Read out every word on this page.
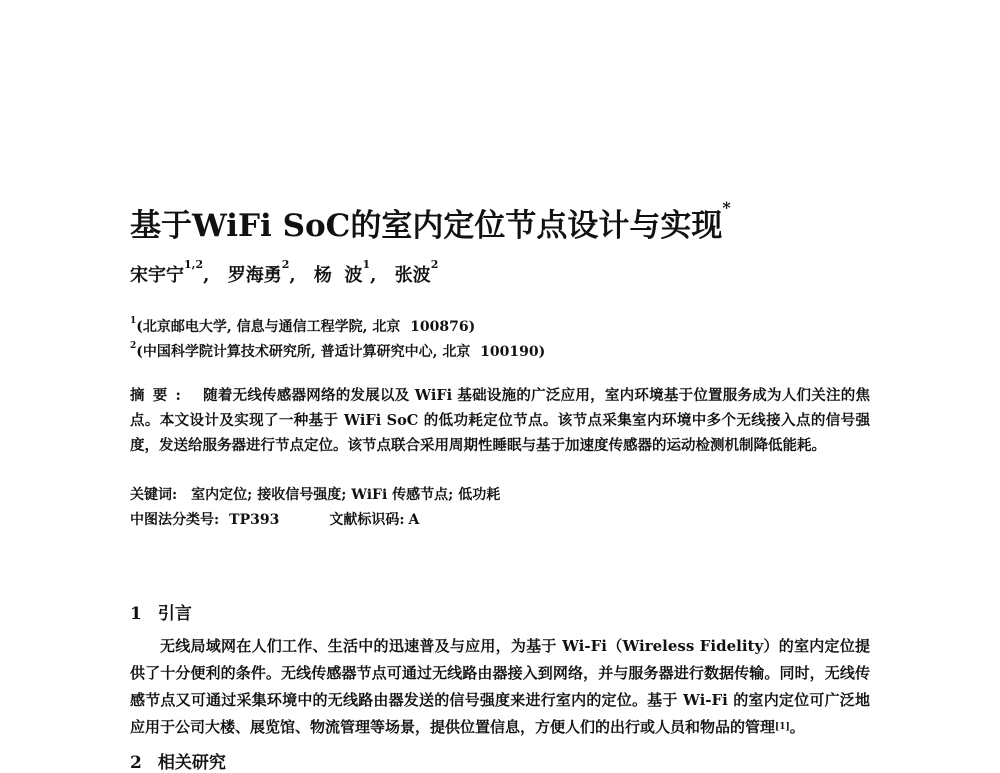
基于WiFi SoC的室内定位节点设计与实现*
宋宇宁$^{1,2}$, 罗海勇$^2$, 杨  波$^1$, 张波$^2$
$^1$(北京邮电大学, 信息与通信工程学院, 北京  100876)
$^2$(中国科学院计算技术研究所, 普适计算研究中心, 北京  100190)
摘要: 随着无线传感器网络的发展以及 WiFi 基础设施的广泛应用，室内环境基于位置服务成为人们关注的焦点。本文设计及实现了一种基于 WiFi SoC 的低功耗定位节点。该节点采集室内环境中多个无线接入点的信号强度，发送给服务器进行节点定位。该节点联合采用周期性睡眠与基于加速度传感器的运动检测机制降低能耗。
关键词: 室内定位; 接收信号强度; WiFi 传感节点; 低功耗
中图法分类号: TP393	文献标识码: A
1 引言
无线局域网在人们工作、生活中的迅速普及与应用，为基于 Wi-Fi（Wireless Fidelity）的室内定位提供了十分便利的条件。无线传感器节点可通过无线路由器接入到网络，并与服务器进行数据传输。同时，无线传感节点又可通过采集环境中的无线路由器发送的信号强度来进行室内的定位。基于 Wi-Fi 的室内定位可广泛地应用于公司大楼、展览馆、物流管理等场景，提供位置信息，方便人们的出行或人员和物品的管理[1]。
2 相关研究
